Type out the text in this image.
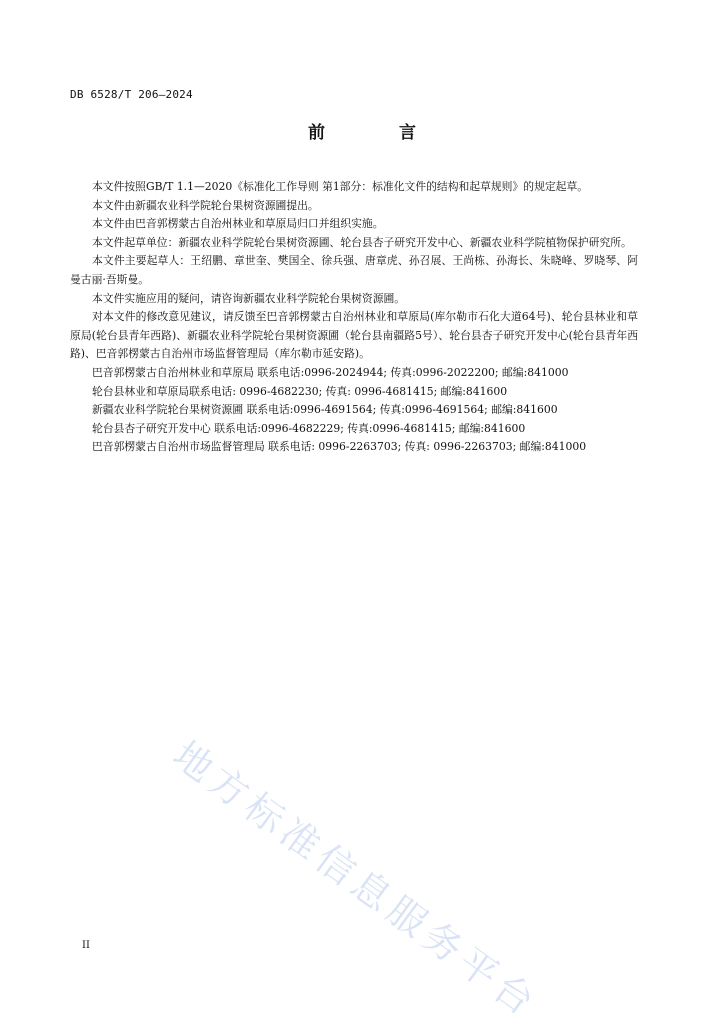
DB 6528/T 206—2024
前 言

本文件按照GB/T 1.1—2020《标准化工作导则 第1部分：标准化文件的结构和起草规则》的规定起草。

本文件由新疆农业科学院轮台果树资源圃提出。

本文件由巴音郭楞蒙古自治州林业和草原局归口并组织实施。

本文件起草单位：新疆农业科学院轮台果树资源圃、轮台县杏子研究开发中心、新疆农业科学院植物保护研究所。

本文件主要起草人：王绍鹏、章世奎、樊国全、徐兵强、唐章虎、孙召展、王尚栋、孙海长、朱晓峰、罗晓琴、阿曼古丽·吾斯曼。

本文件实施应用的疑问，请咨询新疆农业科学院轮台果树资源圃。

对本文件的修改意见建议，请反馈至巴音郭楞蒙古自治州林业和草原局(库尔勒市石化大道64号)、轮台县林业和草原局(轮台县青年西路)、新疆农业科学院轮台果树资源圃（轮台县南疆路5号）、轮台县杏子研究开发中心(轮台县青年西路)、巴音郭楞蒙古自治州市场监督管理局（库尔勒市延安路)。

巴音郭楞蒙古自治州林业和草原局 联系电话:0996-2024944; 传真:0996-2022200; 邮编:841000
轮台县林业和草原局联系电话: 0996-4682230; 传真: 0996-4681415; 邮编:841600
新疆农业科学院轮台果树资源圃 联系电话:0996-4691564; 传真:0996-4691564; 邮编:841600
轮台县杏子研究开发中心 联系电话:0996-4682229; 传真:0996-4681415; 邮编:841600

巴音郭楞蒙古自治州市场监督管理局 联系电话: 0996-2263703; 传真: 0996-2263703; 邮编:841000

地方标准信息服务平台
II
